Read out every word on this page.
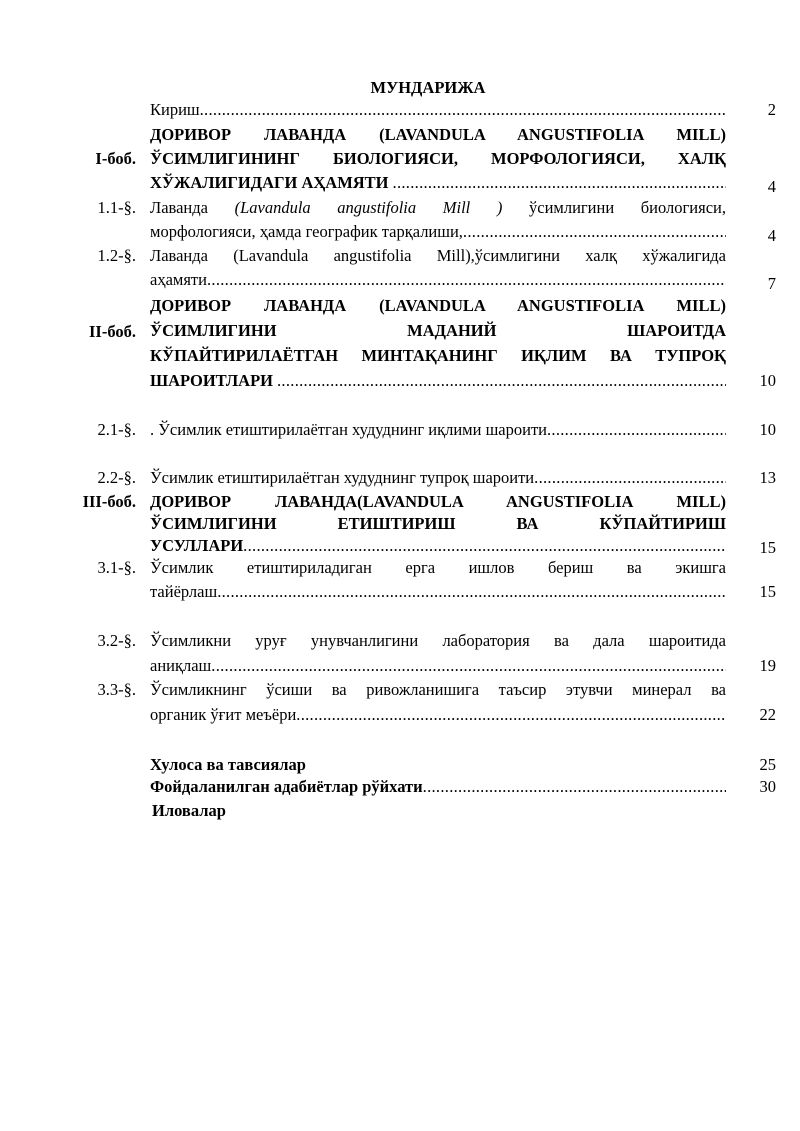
МУНДАРИЖА
Кириш .....	2
I-боб.
ДОРИВОР ЛАВАНДА (LAVANDULA ANGUSTIFOLIA MILL)
ЎСИМЛИГИНИНГ БИОЛОГИЯСИ, МОРФОЛОГИЯСИ, ХАЛҚ
ХЎЖАЛИГИДАГИ АҲАМЯТИ .....	4
1.1-§. Лаванда (Lavandula angustifolia Mill ) ўсимлигини биологияси,
морфологияси, ҳамда географик тарқалиши, .....	4
1.2-§. Лаванда (Lavandula angustifolia Mill),ўсимлигини халқ хўжалигида
аҳамяти .....	7
II-боб.
ДОРИВОР ЛАВАНДА (LAVANDULA ANGUSTIFOLIA MILL)
ЎСИМЛИГИНИ МАДАНИЙ ШАРОИТДА
КЎПАЙТИРИЛАЁТГАН МИНТАҚАНИНГ ИҚЛИМ ВА ТУПРОҚ
ШАРОИТЛАРИ .....	10
2.1-§. . Ўсимлик етиштирилаётган худуднинг иқлими шароити .....	10
2.2-§. Ўсимлик етиштирилаётган худуднинг тупроқ шароити .....	13
III-боб. ДОРИВОР ЛАВАНДА(LAVANDULA ANGUSTIFOLIA MILL)
ЎСИМЛИГИНИ ЕТИШТИРИШ ВА КЎПАЙТИРИШ
УСУЛЛАРИ .....	15
3.1-§. Ўсимлик етиштириладиган ерга ишлов бериш ва экишга
тайёрлаш .....	15
3.2-§. Ўсимликни уруғ унувчанлигини лаборатория ва дала шароитида
аниқлаш .....	19
3.3-§. Ўсимликнинг ўсиши ва ривожланишига таъсир этувчи минерал ва
органик ўғит меъёри .....	22
Хулоса ва тавсиялар	25
Фойдаланилган адабиётлар рўйхати .....	30
Иловалар
